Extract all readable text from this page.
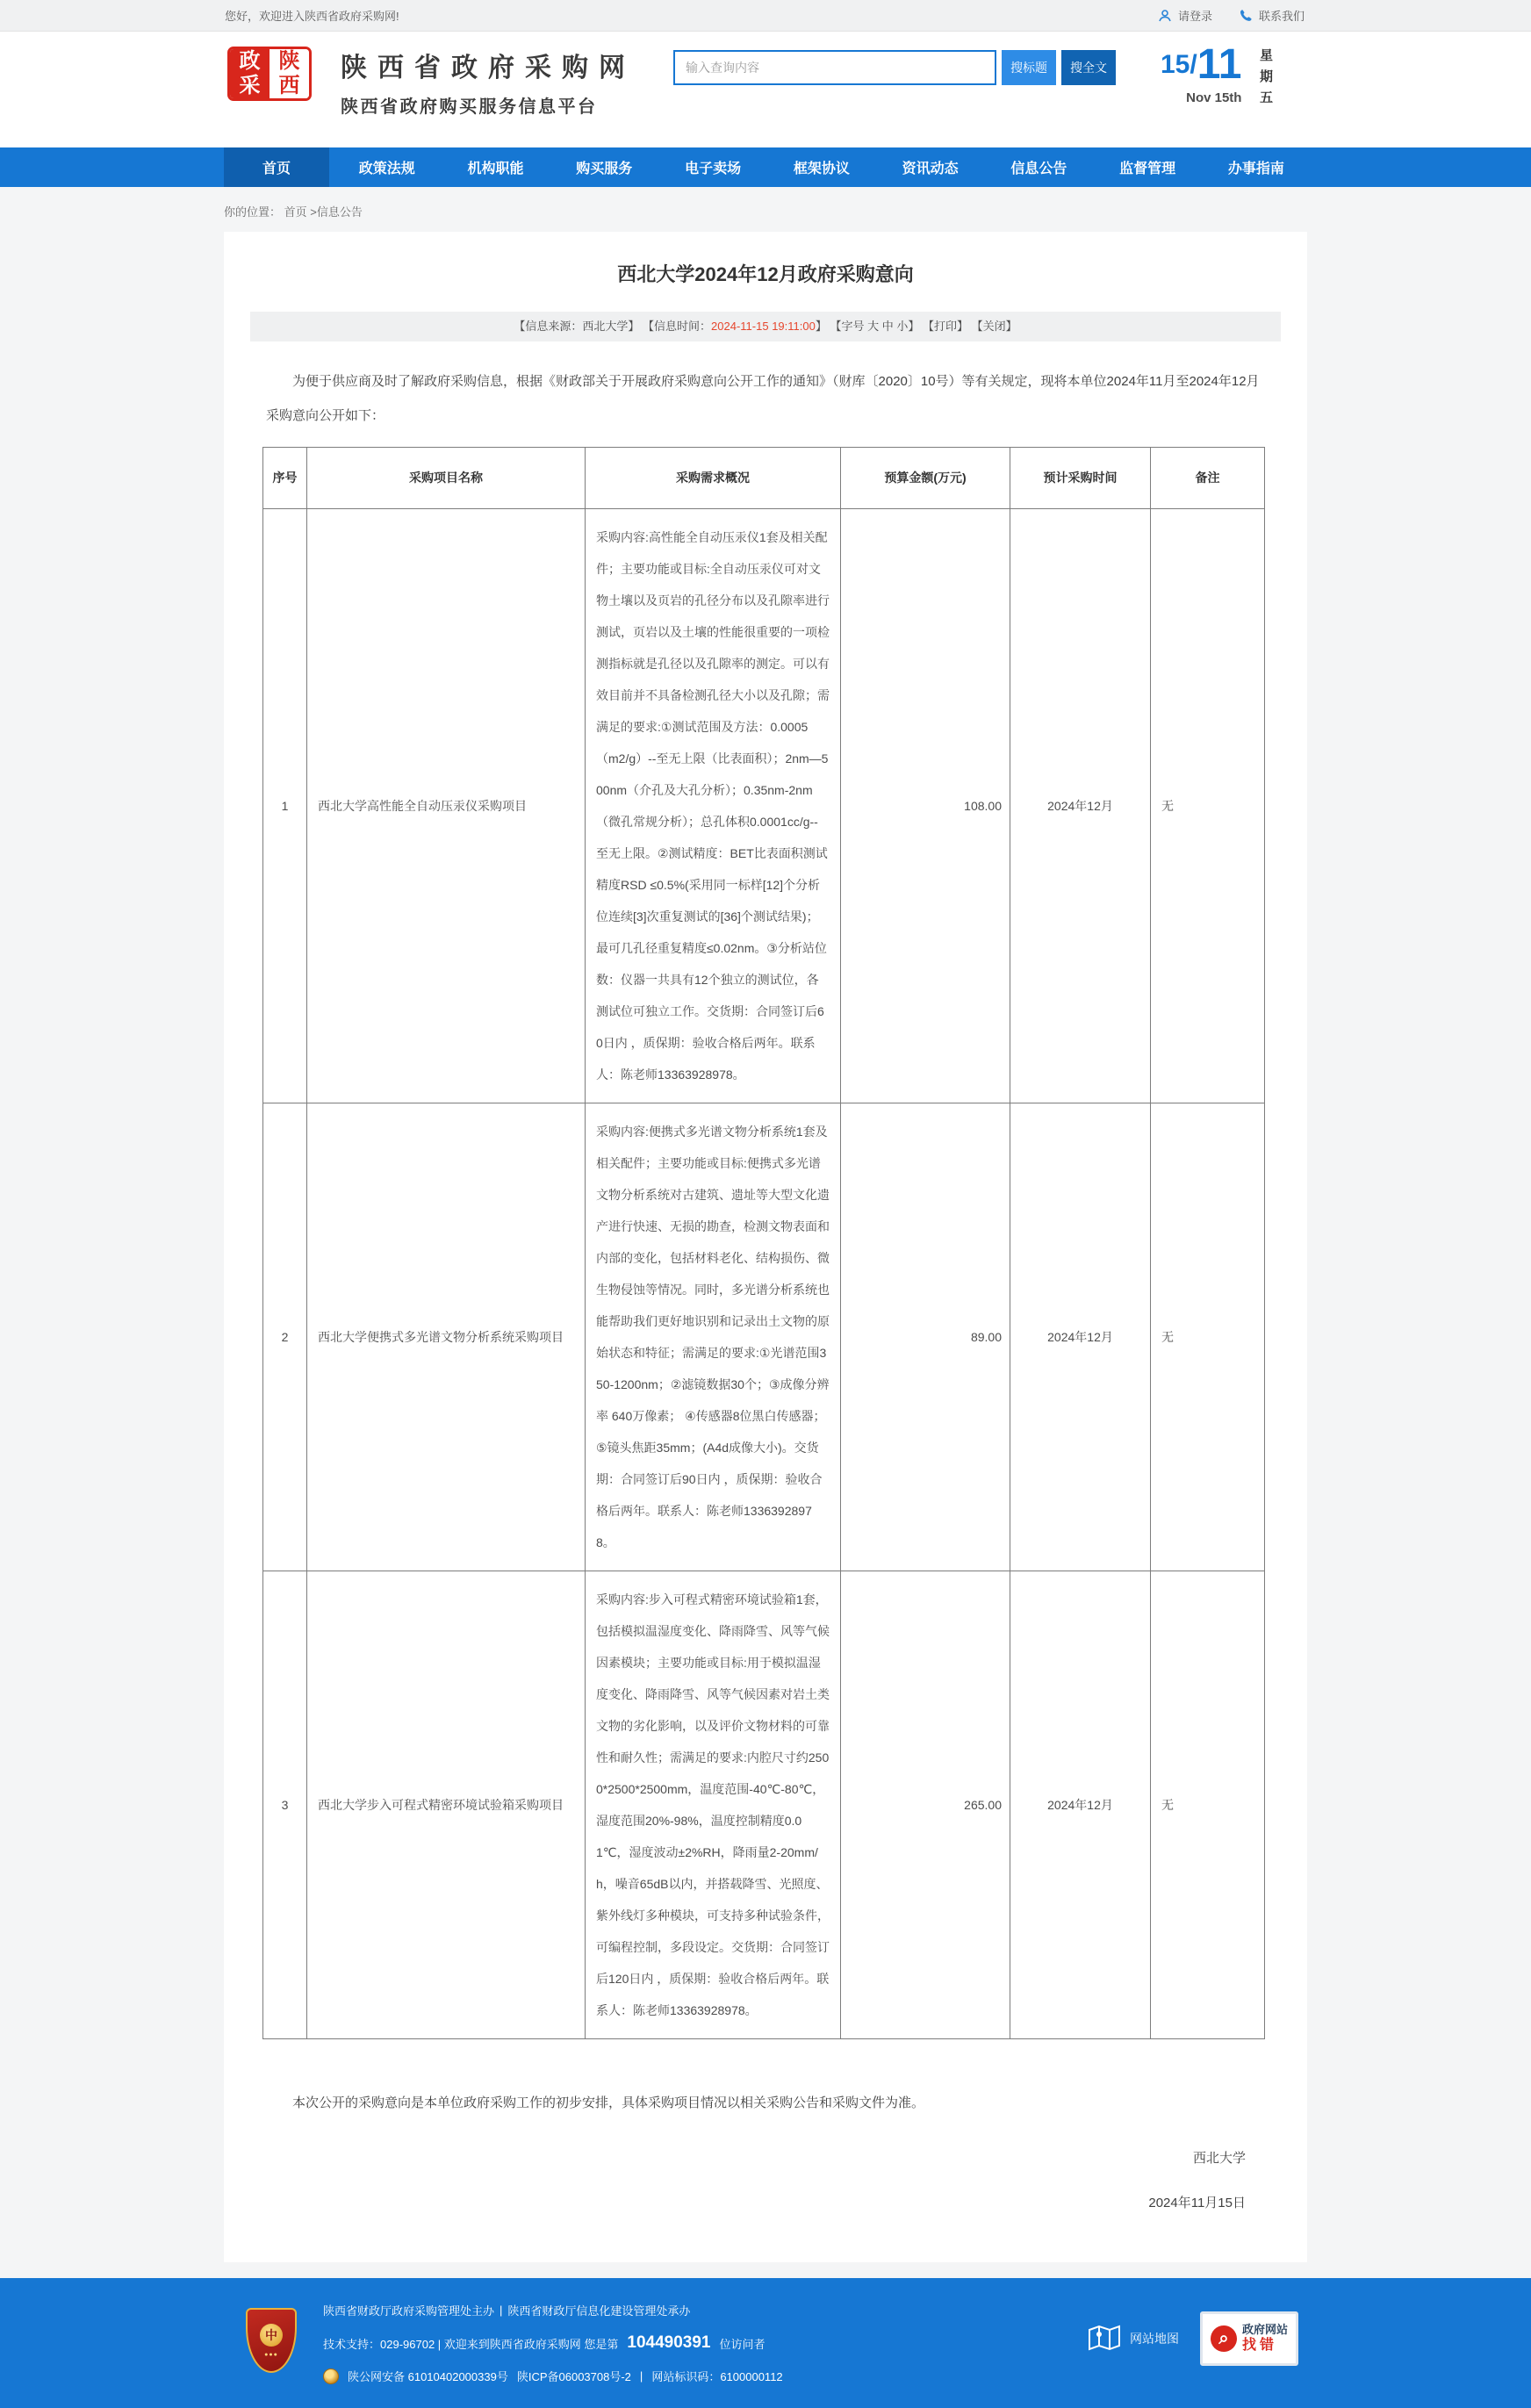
您好，欢迎进入陕西省政府采购网!	请登录	联系我们
政 陕
采 西
陕西省政府采购网
陕西省政府购买服务信息平台
输入查询内容
搜标题	搜全文	15/11
Nov 15th
星期五
首页	政策法规	机构职能	购买服务	电子卖场	框架协议	资讯动态	信息公告	监督管理	办事指南
你的位置： 首页 >信息公告
西北大学2024年12月政府采购意向
【信息来源：西北大学】 【信息时间：2024-11-15 19:11:00】 【字号 大 中 小】 【打印】 【关闭】

为便于供应商及时了解政府采购信息，根据《财政部关于开展政府采购意向公开工作的通知》（财库〔2020〕10号）等有关规定，现将本单位2024年11月至2024年12月采购意向公开如下：

序号	采购项目名称	采购需求概况	预算金额(万元)	预计采购时间	备注
1	西北大学高性能全自动压汞仪采购项目	采购内容:高性能全自动压汞仪1套及相关配件；主要功能或目标:全自动压汞仪可对文物土壤以及页岩的孔径分布以及孔隙率进行测试，页岩以及土壤的性能很重要的一项检测指标就是孔径以及孔隙率的测定。可以有效目前并不具备检测孔径大小以及孔隙；需满足的要求:①测试范围及方法：0.0005（m2/g）--至无上限（比表面积）；2nm—500nm（介孔及大孔分析）；0.35nm-2nm（微孔常规分析）；总孔体积0.0001cc/g--至无上限。②测试精度：BET比表面积测试精度RSD ≤0.5%(采用同一标样[12]个分析位连续[3]次重复测试的[36]个测试结果)；最可几孔径重复精度≤0.02nm。③分析站位数：仪器一共具有12个独立的测试位，各测试位可独立工作。交货期：合同签订后60日内 ，质保期：验收合格后两年。联系人：陈老师13363928978。	108.00	2024年12月	无
2	西北大学便携式多光谱文物分析系统采购项目	采购内容:便携式多光谱文物分析系统1套及相关配件；主要功能或目标:便携式多光谱文物分析系统对古建筑、遗址等大型文化遗产进行快速、无损的勘查，检测文物表面和内部的变化，包括材料老化、结构损伤、微生物侵蚀等情况。同时，多光谱分析系统也能帮助我们更好地识别和记录出土文物的原始状态和特征；需满足的要求:①光谱范围350-1200nm；②滤镜数据30个；③成像分辨率 640万像素； ④传感器8位黑白传感器；⑤镜头焦距35mm；(A4d成像大小)。交货期：合同签订后90日内 ，质保期：验收合格后两年。联系人：陈老师13363928978。	89.00	2024年12月	无
3	西北大学步入可程式精密环境试验箱采购项目	采购内容:步入可程式精密环境试验箱1套，包括模拟温湿度变化、降雨降雪、风等气候因素模块；主要功能或目标:用于模拟温湿度变化、降雨降雪、风等气候因素对岩土类文物的劣化影响，以及评价文物材料的可靠性和耐久性；需满足的要求:内腔尺寸约2500*2500*2500mm，温度范围-40℃-80℃，湿度范围20%-98%，温度控制精度0.01℃，湿度波动±2%RH，降雨量2-20mm/h，噪音65dB以内，并搭载降雪、光照度、紫外线灯多种模块，可支持多种试验条件，可编程控制，多段设定。交货期：合同签订后120日内 ，质保期：验收合格后两年。联系人：陈老师13363928978。	265.00	2024年12月	无

本次公开的采购意向是本单位政府采购工作的初步安排，具体采购项目情况以相关采购公告和采购文件为准。

西北大学
2024年11月15日
中
●●●
陕西省财政厅政府采购管理处主办 | 陕西省财政厅信息化建设管理处承办
技术支持：029-96702 | 欢迎来到陕西省政府采购网 您是第 104490391 位访问者
陕公网安备 61010402000339号 陕ICP备06003708号-2 | 网站标识码：6100000112
网站地图	⌕	政府网站
找错
